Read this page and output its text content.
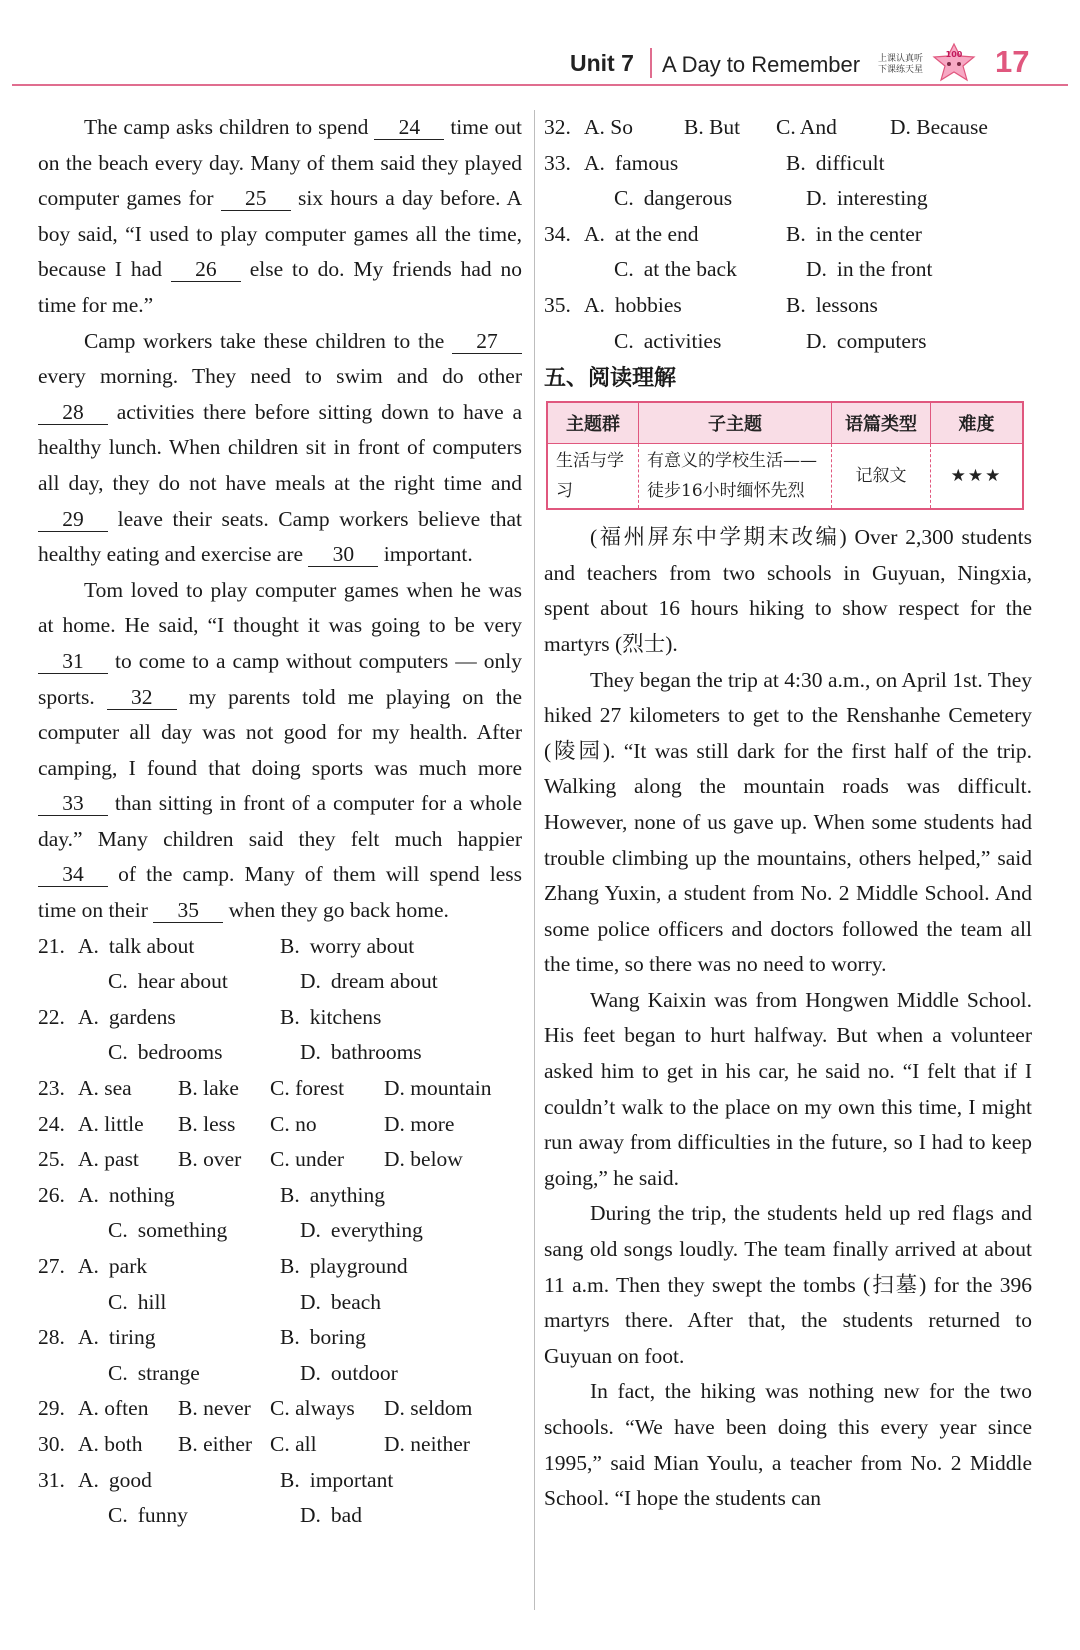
Unit 7 A Day to Remember 上课认真听
下课练天星
100 17

The camp asks children to spend 24 time out on the beach every day. Many of them said they played computer games for 25 six hours a day before. A boy said, “I used to play computer games all the time, because I had 26 else to do. My friends had no time for me.”

Camp workers take these children to the 27 every morning. They need to swim and do other 28 activities there before sitting down to have a healthy lunch. When children sit in front of computers all day, they do not have meals at the right time and 29 leave their seats. Camp workers believe that healthy eating and exercise are 30 important.

Tom loved to play computer games when he was at home. He said, “I thought it was going to be very 31 to come to a camp without computers — only sports. 32 my parents told me playing on the computer all day was not good for my health. After camping, I found that doing sports was much more 33 than sitting in front of a computer for a whole day.” Many children said they felt much happier 34 of the camp. Many of them will spend less time on their 35 when they go back home.

21. A. talk about	B. worry about
C. hear about	D. dream about
22. A. gardens	B. kitchens
C. bedrooms	D. bathrooms
23. A. sea	B. lake	C. forest	D. mountain
24. A. little	B. less	C. no	D. more
25. A. past	B. over	C. under	D. below
26. A. nothing	B. anything
C. something	D. everything
27. A. park	B. playground
C. hill	D. beach
28. A. tiring	B. boring
C. strange	D. outdoor
29. A. often	B. never C. always	D. seldom
30. A. both	B. either C. all	D. neither
31. A. good	B. important
C. funny	D. bad
32. A. So	B. But	C. And	D. Because
33. A. famous	B. difficult
C. dangerous	D. interesting
34. A. at the end	B. in the center
C. at the back	D. in the front
35. A. hobbies	B. lessons
C. activities	D. computers
五、阅读理解
主题群	子主题	语篇类型	难度
生活与学习	有意义的学校生活——徒步16小时缅怀先烈	记叙文	★★★

(福州屏东中学期末改编) Over 2,300 students and teachers from two schools in Guyuan, Ningxia, spent about 16 hours hiking to show respect for the martyrs (烈士).

They began the trip at 4:30 a.m., on April 1st. They hiked 27 kilometers to get to the Renshanhe Cemetery (陵园). “It was still dark for the first half of the trip. Walking along the mountain roads was difficult. However, none of us gave up. When some students had trouble climbing up the mountains, others helped,” said Zhang Yuxin, a student from No. 2 Middle School. And some police officers and doctors followed the team all the time, so there was no need to worry.

Wang Kaixin was from Hongwen Middle School. His feet began to hurt halfway. But when a volunteer asked him to get in his car, he said no. “I felt that if I couldn’t walk to the place on my own this time, I might run away from difficulties in the future, so I had to keep going,” he said.

During the trip, the students held up red flags and sang old songs loudly. The team finally arrived at about 11 a.m. Then they swept the tombs (扫墓) for the 396 martyrs there. After that, the students returned to Guyuan on foot.

In fact, the hiking was nothing new for the two schools. “We have been doing this every year since 1995,” said Mian Youlu, a teacher from No. 2 Middle School. “I hope the students can
